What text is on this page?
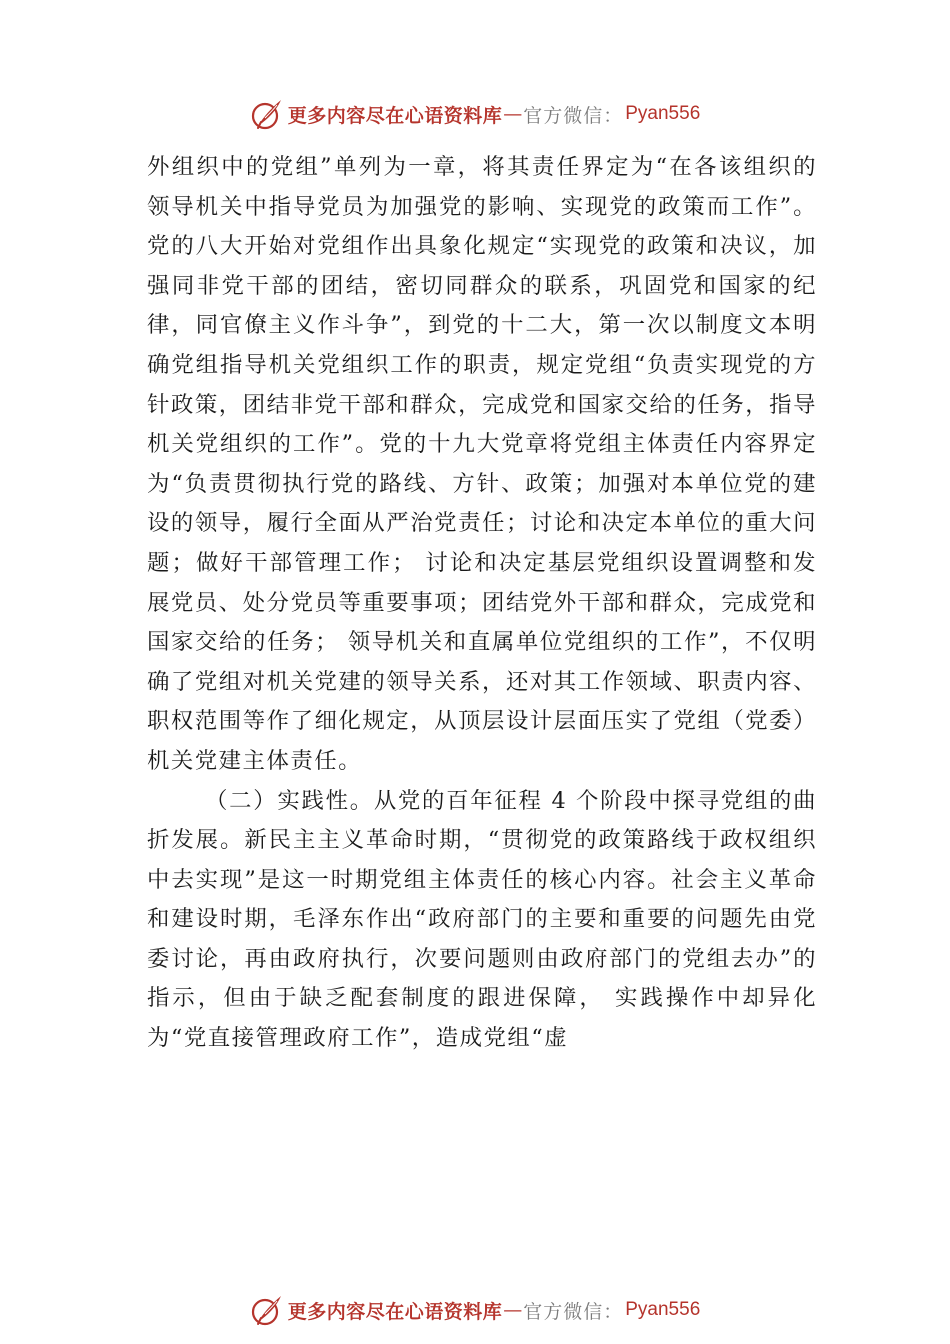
更多内容尽在心语资料库 — 官方微信： Pyan556

外组织中的党组”单列为一章，将其责任界定为“在各该组织的领导机关中指导党员为加强党的影响、实现党的政策而工作”。党的八大开始对党组作出具象化规定“实现党的政策和决议，加强同非党干部的团结，密切同群众的联系，巩固党和国家的纪律，同官僚主义作斗争”，到党的十二大，第一次以制度文本明确党组指导机关党组织工作的职责，规定党组“负责实现党的方针政策，团结非党干部和群众，完成党和国家交给的任务，指导机关党组织的工作”。党的十九大党章将党组主体责任内容界定为“负责贯彻执行党的路线、方针、政策；加强对本单位党的建设的领导，履行全面从严治党责任；讨论和决定本单位的重大问题；做好干部管理工作； 讨论和决定基层党组织设置调整和发展党员、处分党员等重要事项；团结党外干部和群众，完成党和国家交给的任务； 领导机关和直属单位党组织的工作”，不仅明确了党组对机关党建的领导关系，还对其工作领域、职责内容、职权范围等作了细化规定，从顶层设计层面压实了党组（党委）机关党建主体责任。

（二）实践性。从党的百年征程 4 个阶段中探寻党组的曲折发展。新民主主义革命时期，“贯彻党的政策路线于政权组织中去实现”是这一时期党组主体责任的核心内容。社会主义革命和建设时期，毛泽东作出“政府部门的主要和重要的问题先由党委讨论，再由政府执行，次要问题则由政府部门的党组去办”的指示，但由于缺乏配套制度的跟进保障， 实践操作中却异化为“党直接管理政府工作”，造成党组“虚

更多内容尽在心语资料库 — 官方微信： Pyan556
